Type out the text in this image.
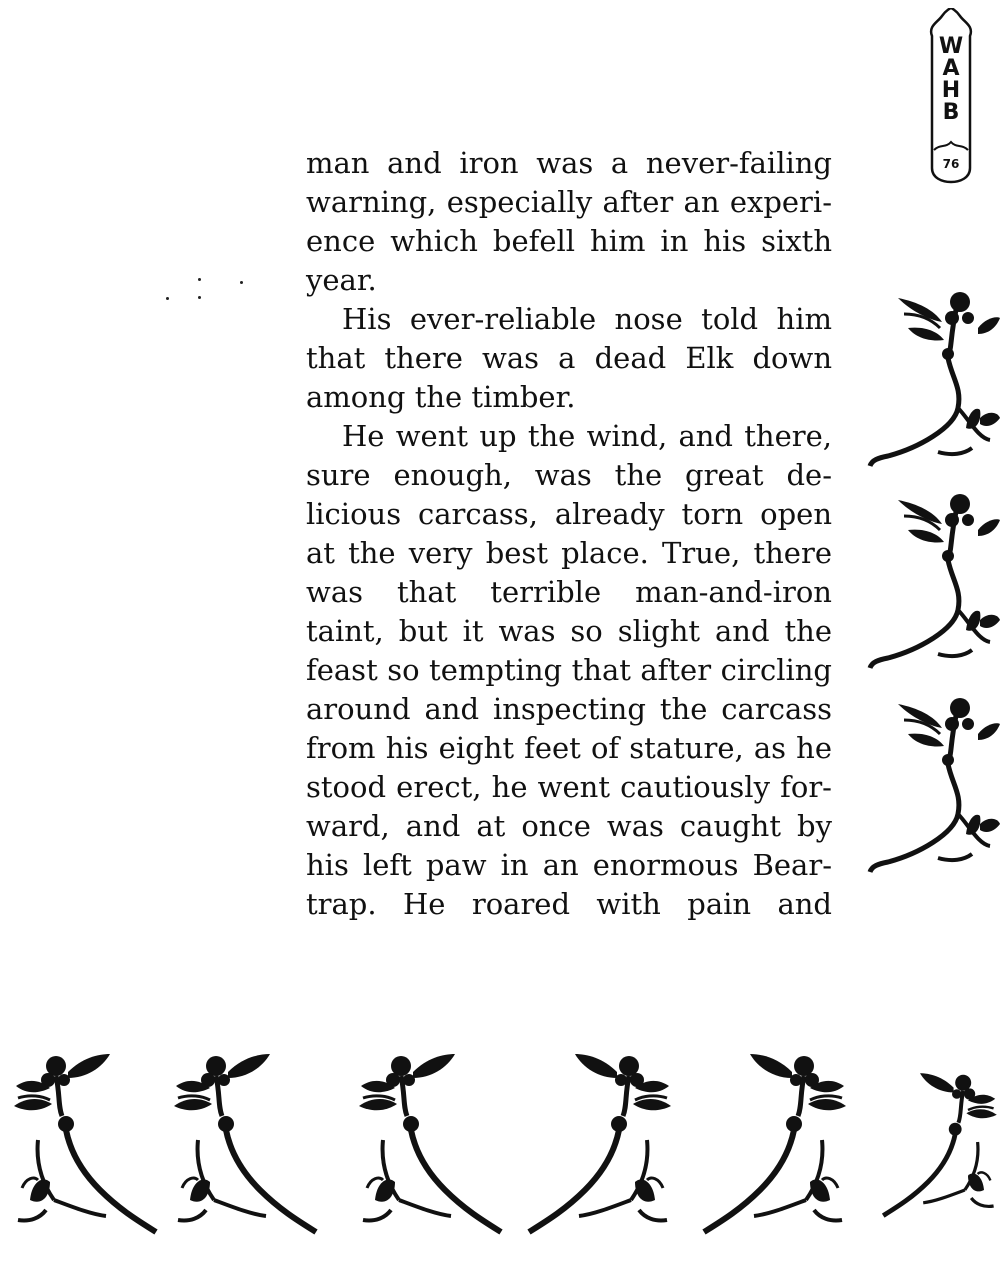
W
A
H
B
76
man and iron was a never-failing
warning, especially after an experi-
ence which befell him in his sixth
year.
His ever-reliable nose told him
that there was a dead Elk down
among the timber.
He went up the wind, and there,
sure enough, was the great de-
licious carcass, already torn open
at the very best place. True, there
was that terrible man-and-iron
taint, but it was so slight and the
feast so tempting that after circling
around and inspecting the carcass
from his eight feet of stature, as he
stood erect, he went cautiously for-
ward, and at once was caught by
his left paw in an enormous Bear-
trap. He roared with pain and
